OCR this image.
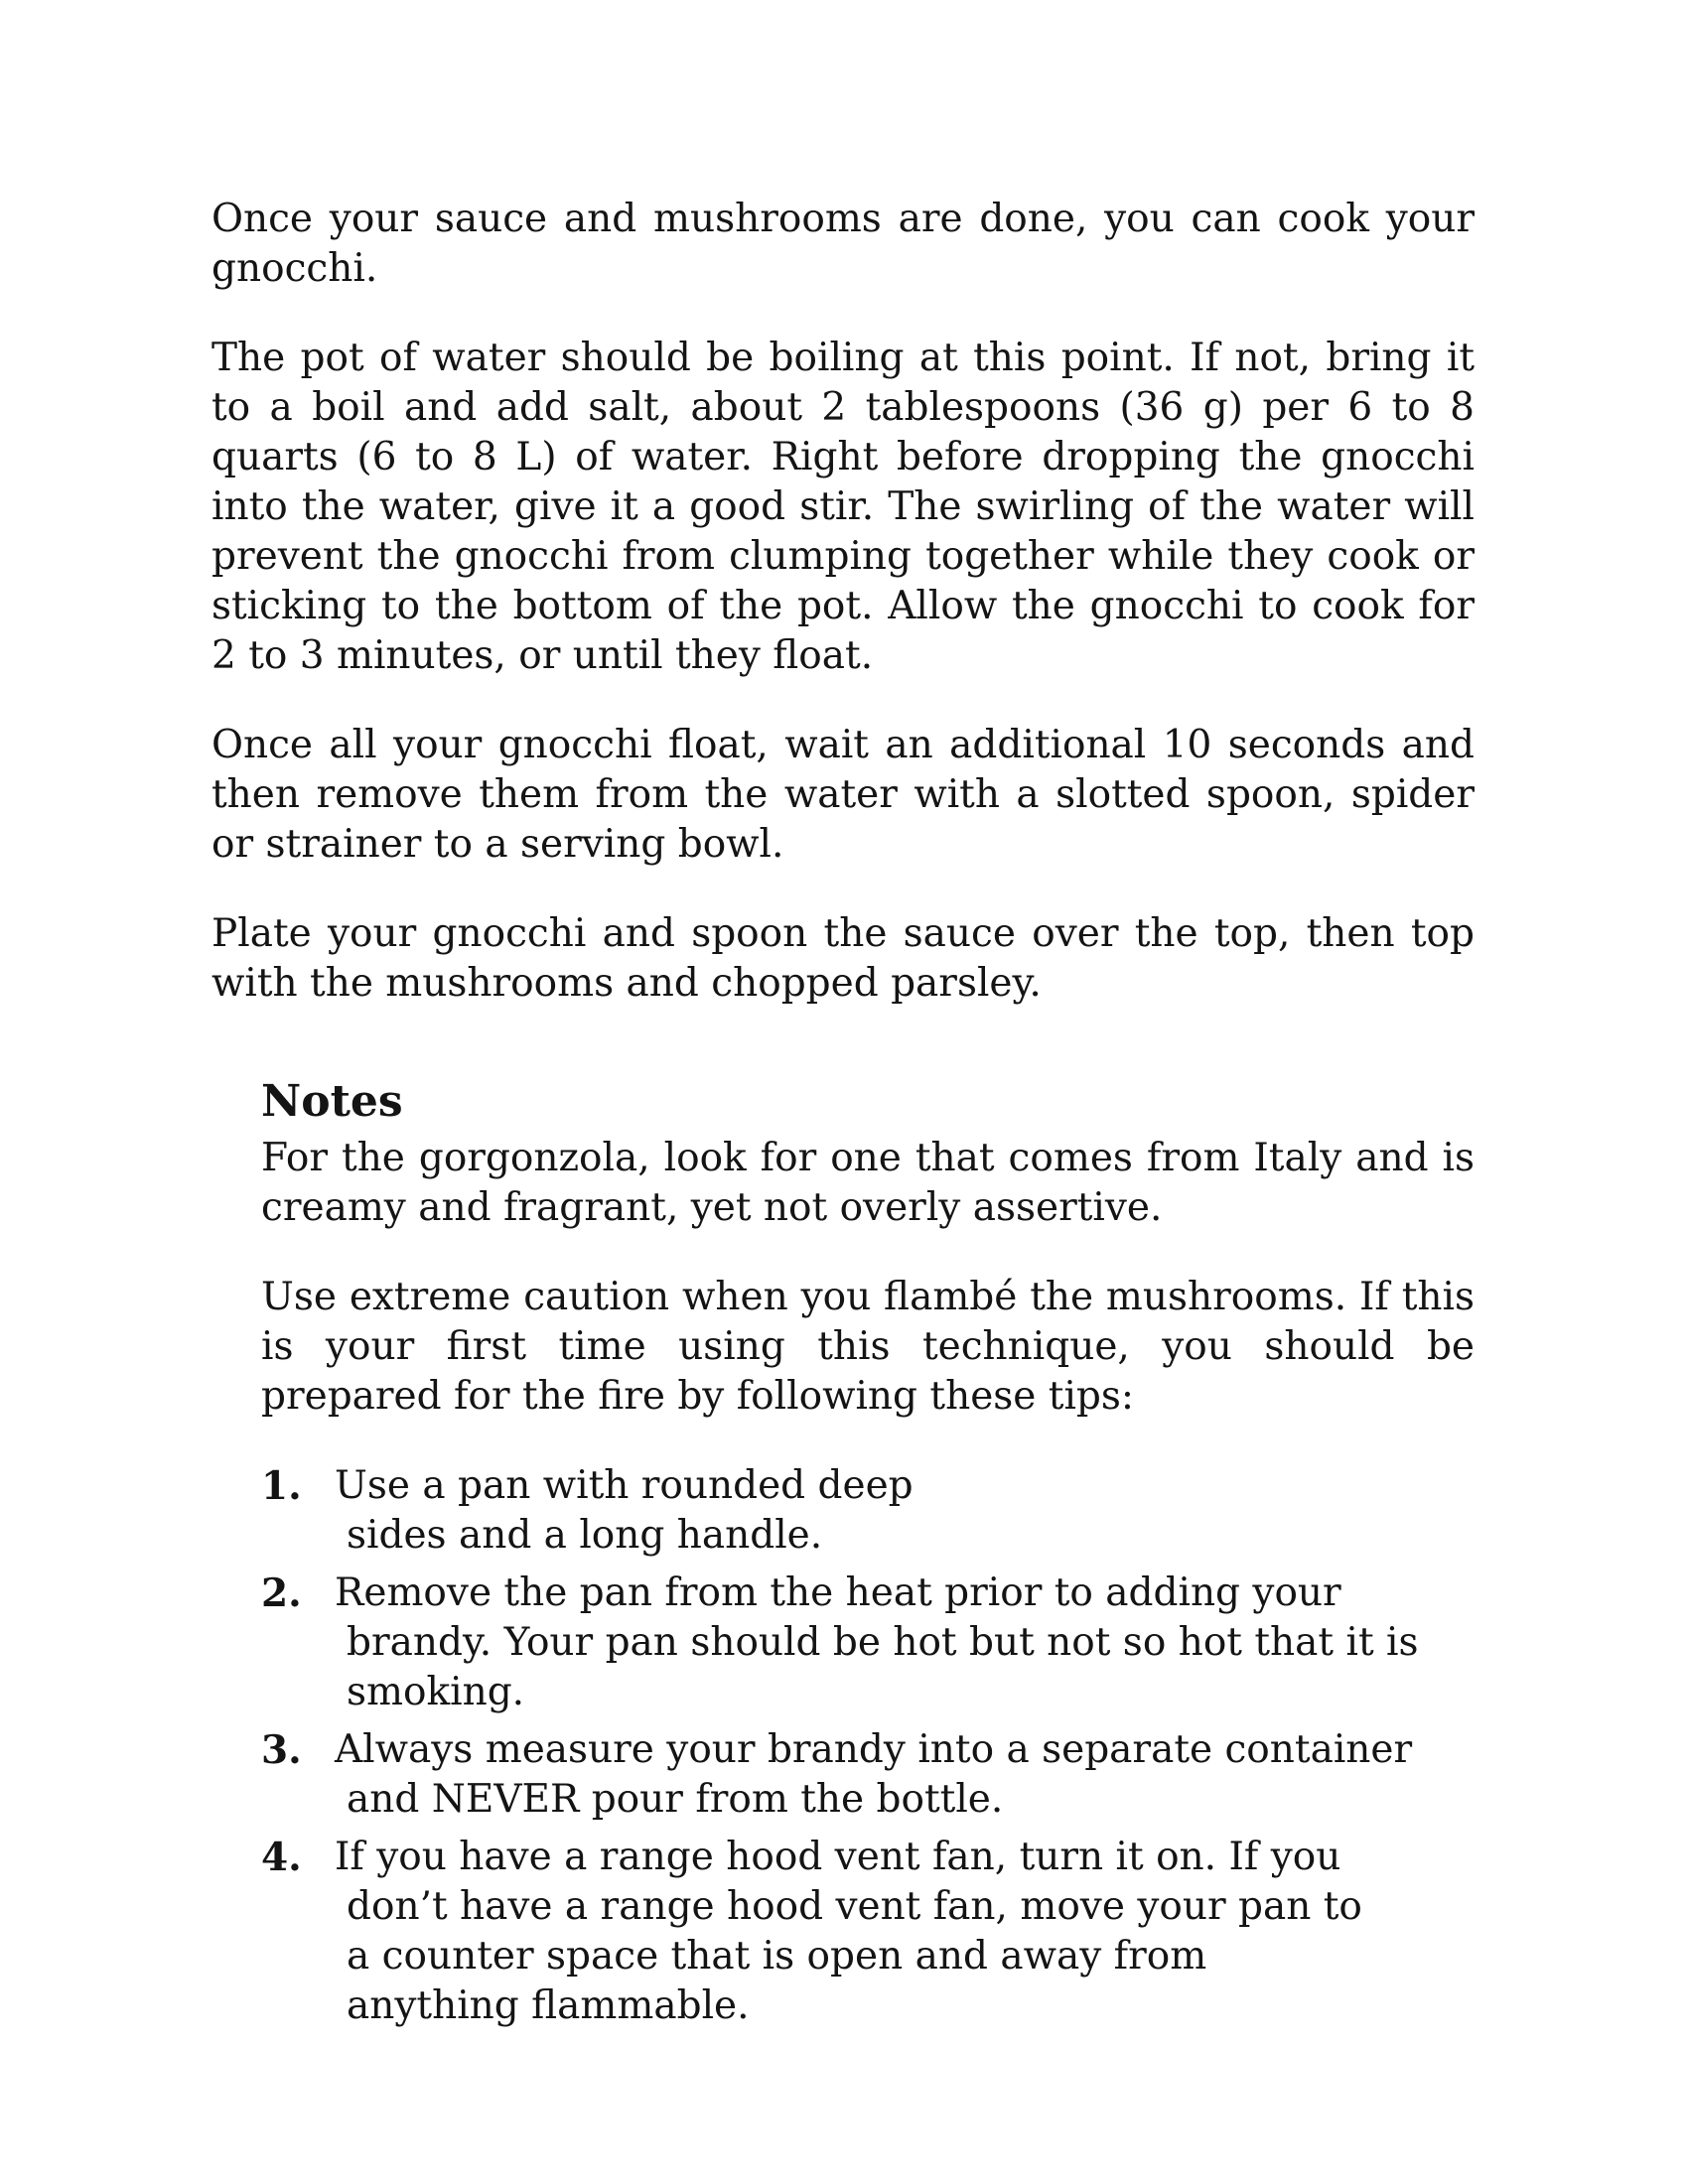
Once your sauce and mushrooms are done, you can cook your gnocchi.

The pot of water should be boiling at this point. If not, bring it to a boil and add salt, about 2 tablespoons (36 g) per 6 to 8 quarts (6 to 8 L) of water. Right before dropping the gnocchi into the water, give it a good stir. The swirling of the water will prevent the gnocchi from clumping together while they cook or sticking to the bottom of the pot. Allow the gnocchi to cook for 2 to 3 minutes, or until they float.

Once all your gnocchi float, wait an additional 10 seconds and then remove them from the water with a slotted spoon, spider or strainer to a serving bowl.

Plate your gnocchi and spoon the sauce over the top, then top with the mushrooms and chopped parsley.

Notes

For the gorgonzola, look for one that comes from Italy and is creamy and fragrant, yet not overly assertive.

Use extreme caution when you flambé the mushrooms. If this is your first time using this technique, you should be prepared for the fire by following these tips:

1. Use a pan with rounded deep sides and a long handle.
2. Remove the pan from the heat prior to adding your brandy. Your pan should be hot but not so hot that it is smoking.
3. Always measure your brandy into a separate container and NEVER pour from the bottle.
4. If you have a range hood vent fan, turn it on. If you don’t have a range hood vent fan, move your pan to a counter space that is open and away from anything flammable.
